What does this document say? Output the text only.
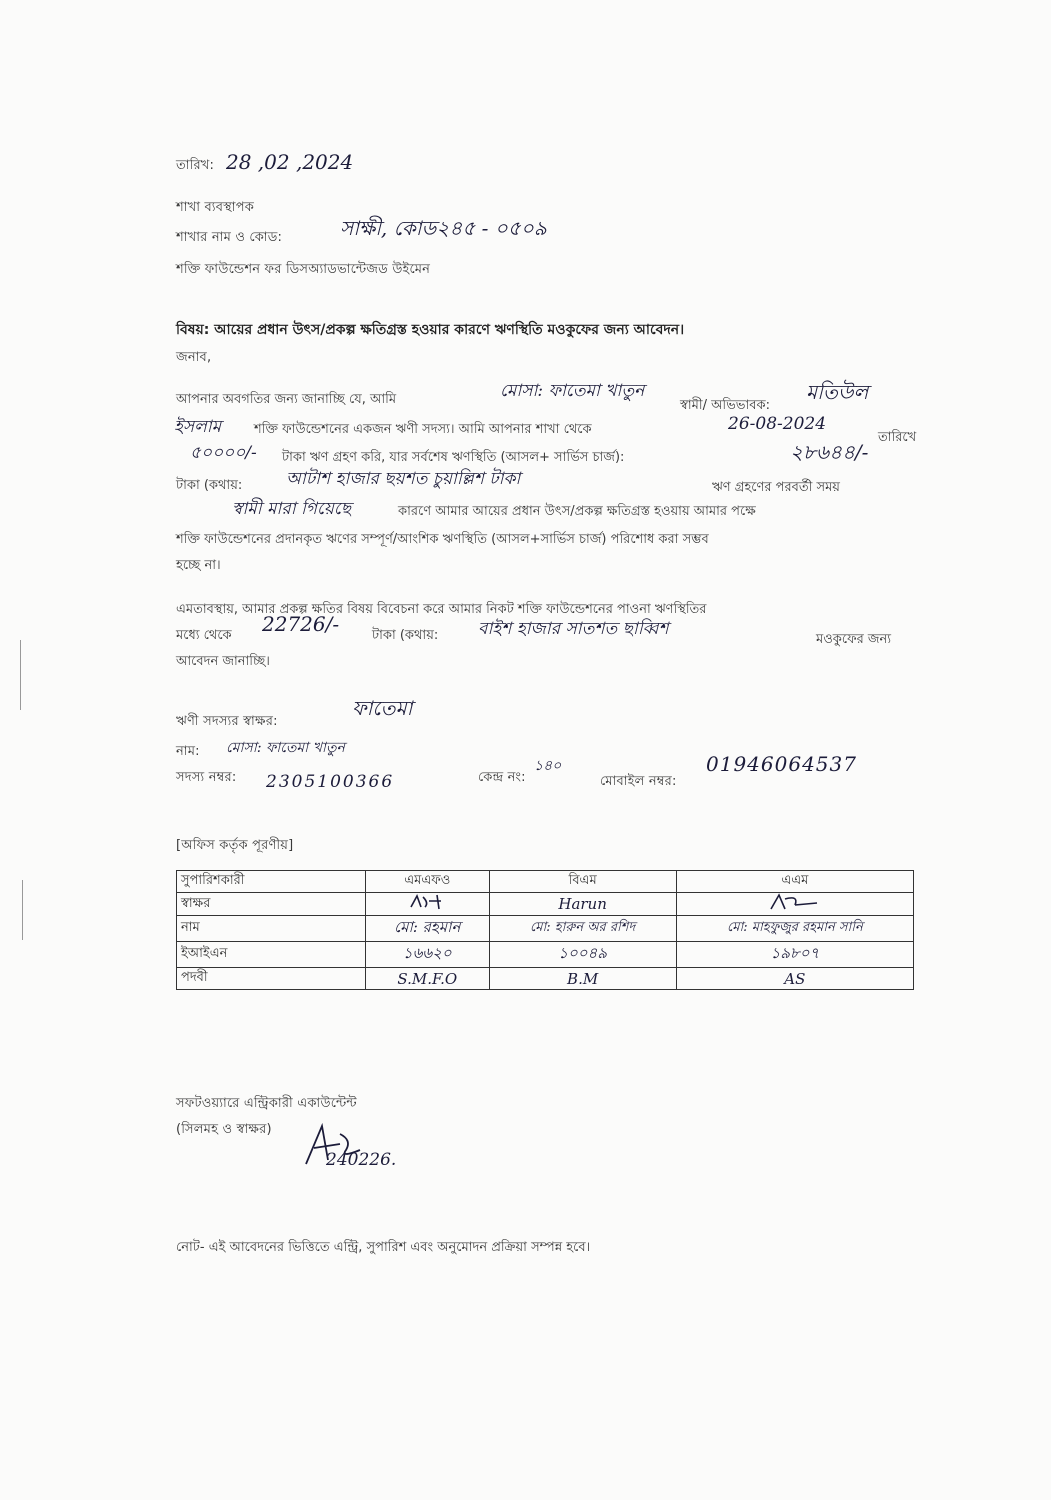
তারিখ: 28 ,02 ,2024
শাখা ব্যবস্থাপক
শাখার নাম ও কোড:	সাক্ষী, কোড২৪৫ - ০৫০৯
শক্তি ফাউন্ডেশন ফর ডিসঅ্যাডভান্টেজড উইমেন
বিষয়: আয়ের প্রধান উৎস/প্রকল্প ক্ষতিগ্রস্ত হওয়ার কারণে ঋণস্থিতি মওকুফের জন্য আবেদন।
জনাব,
আপনার অবগতির জন্য জানাচ্ছি যে, আমি	মোসা: ফাতেমা খাতুন
স্বামী/ অভিভাবক:
মতিউল
ইসলাম	শক্তি ফাউন্ডেশনের একজন ঋণী সদস্য। আমি আপনার শাখা থেকে	26-08-2024
তারিখে
৫০০০০/- টাকা ঋণ গ্রহণ করি, যার সর্বশেষ ঋণস্থিতি (আসল+ সার্ভিস চার্জ):	২৮৬৪৪/-
টাকা (কথায়:	আটাশ হাজার ছয়শত চুয়াল্লিশ টাকা	ঋণ গ্রহণের পরবর্তী সময়
স্বামী মারা গিয়েছে	কারণে আমার আয়ের প্রধান উৎস/প্রকল্প ক্ষতিগ্রস্ত হওয়ায় আমার পক্ষে
শক্তি ফাউন্ডেশনের প্রদানকৃত ঋণের সম্পূর্ণ/আংশিক ঋণস্থিতি (আসল+সার্ভিস চার্জ) পরিশোধ করা সম্ভব
হচ্ছে না।
এমতাবস্থায়, আমার প্রকল্প ক্ষতির বিষয় বিবেচনা করে আমার নিকট শক্তি ফাউন্ডেশনের পাওনা ঋণস্থিতির
মধ্যে থেকে 22726/-	টাকা (কথায়: বাইশ হাজার সাতশত ছাব্বিশ
মওকুফের জন্য
আবেদন জানাচ্ছি।
ঋণী সদস্যর স্বাক্ষর:
ফাতেমা
নাম: মোসা: ফাতেমা খাতুন
সদস্য নম্বর: 2305100366	কেন্দ্র নং:
১৪০
মোবাইল নম্বর:
01946064537
[অফিস কর্তৃক পূরণীয়]
সুপারিশকারী	এমএফও	বিএম	এএম
স্বাক্ষর		Harun	
নাম	মো: রহমান	মো: হারুন অর রশিদ	মো: মাহফুজুর রহমান সানি
ইআইএন	১৬৬২০	১০০৪৯	১৯৮০৭
পদবী	S.M.F.O	B.M	AS
সফটওয়্যারে এন্ট্রিকারী একাউন্টেন্ট
(সিলমহ ও স্বাক্ষর)
240226.
নোট- এই আবেদনের ভিত্তিতে এন্ট্রি, সুপারিশ এবং অনুমোদন প্রক্রিয়া সম্পন্ন হবে।
